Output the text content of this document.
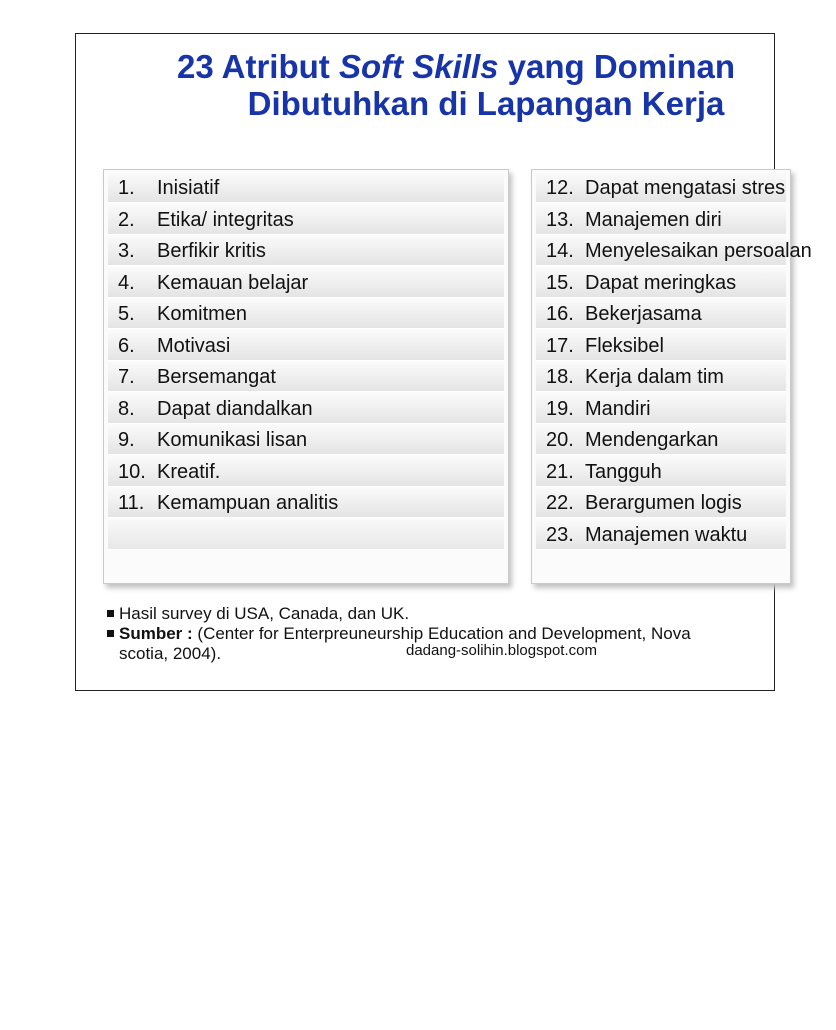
23 Atribut Soft Skills yang Dominan
Dibutuhkan di Lapangan Kerja
1. Inisiatif
2. Etika/ integritas
3. Berfikir kritis
4. Kemauan belajar
5. Komitmen
6. Motivasi
7. Bersemangat
8. Dapat diandalkan
9. Komunikasi lisan
10. Kreatif.
11. Kemampuan analitis
12. Dapat mengatasi stres
13. Manajemen diri
14. Menyelesaikan persoalan
15. Dapat meringkas
16. Bekerjasama
17. Fleksibel
18. Kerja dalam tim
19. Mandiri
20. Mendengarkan
21. Tangguh
22. Berargumen logis
23. Manajemen waktu
Hasil survey di USA, Canada, dan UK.
Sumber : (Center for Enterpreuneurship Education and Development, Nova
scotia, 2004).	dadang-solihin.blogspot.com
